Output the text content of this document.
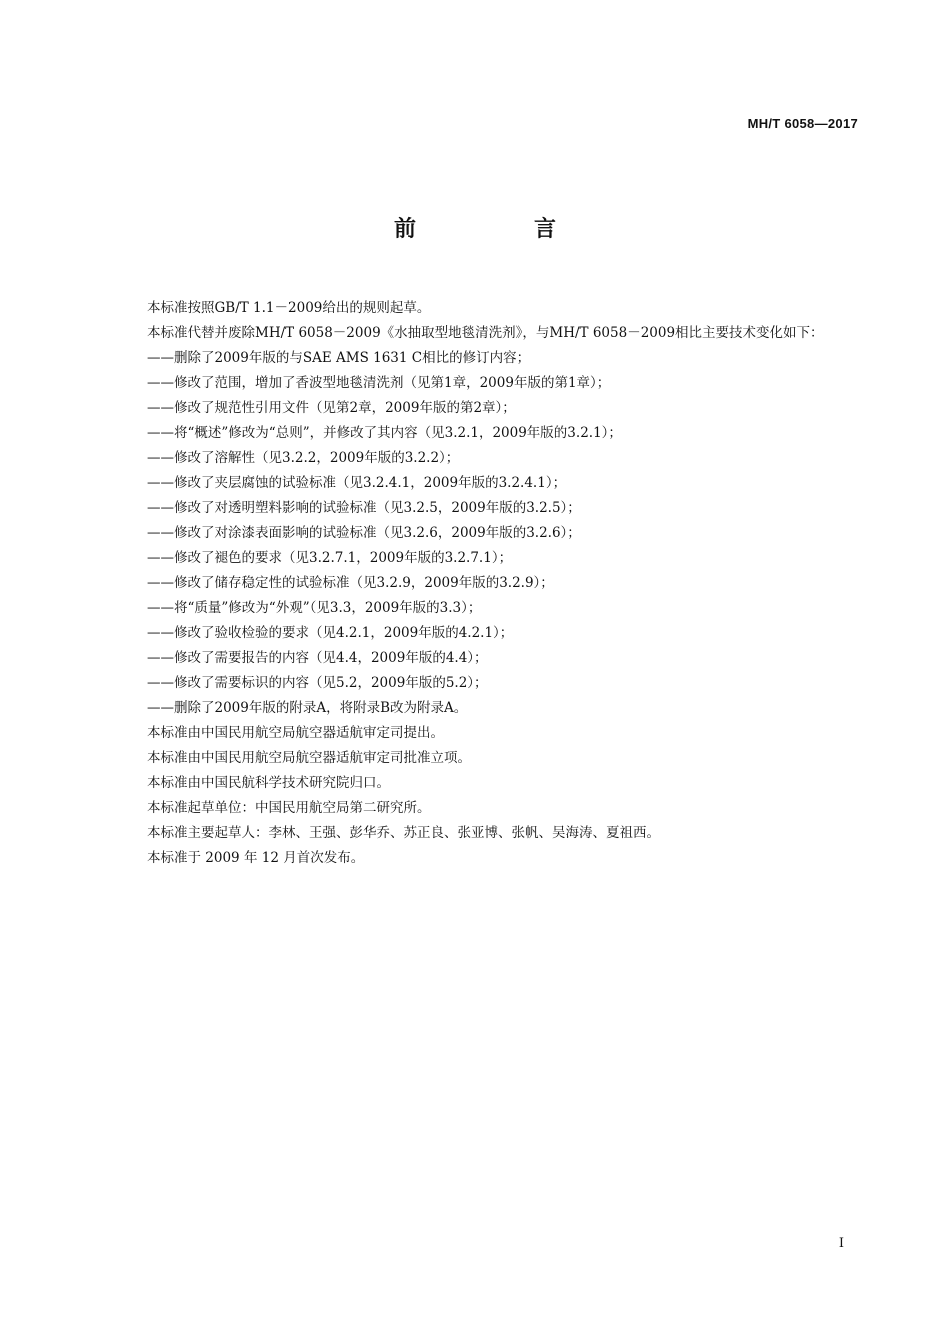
MH/T 6058—2017
前　言

本标准按照GB/T 1.1－2009给出的规则起草。

本标准代替并废除MH/T 6058－2009《水抽取型地毯清洗剂》，与MH/T 6058－2009相比主要技术变化如下：

——删除了2009年版的与SAE AMS 1631 C相比的修订内容；

——修改了范围，增加了香波型地毯清洗剂（见第1章，2009年版的第1章）；

——修改了规范性引用文件（见第2章，2009年版的第2章）；

——将“概述”修改为“总则”，并修改了其内容（见3.2.1，2009年版的3.2.1）；

——修改了溶解性（见3.2.2，2009年版的3.2.2）；

——修改了夹层腐蚀的试验标准（见3.2.4.1，2009年版的3.2.4.1）；

——修改了对透明塑料影响的试验标准（见3.2.5，2009年版的3.2.5）；

——修改了对涂漆表面影响的试验标准（见3.2.6，2009年版的3.2.6）；

——修改了褪色的要求（见3.2.7.1，2009年版的3.2.7.1）；

——修改了储存稳定性的试验标准（见3.2.9，2009年版的3.2.9）；

——将“质量”修改为“外观”（见3.3，2009年版的3.3）；

——修改了验收检验的要求（见4.2.1，2009年版的4.2.1）；

——修改了需要报告的内容（见4.4，2009年版的4.4）；

——修改了需要标识的内容（见5.2，2009年版的5.2）；

——删除了2009年版的附录A，将附录B改为附录A。

本标准由中国民用航空局航空器适航审定司提出。

本标准由中国民用航空局航空器适航审定司批准立项。

本标准由中国民航科学技术研究院归口。

本标准起草单位：中国民用航空局第二研究所。

本标准主要起草人：李林、王强、彭华乔、苏正良、张亚博、张帆、吴海涛、夏祖西。

本标准于 2009 年 12 月首次发布。

I
